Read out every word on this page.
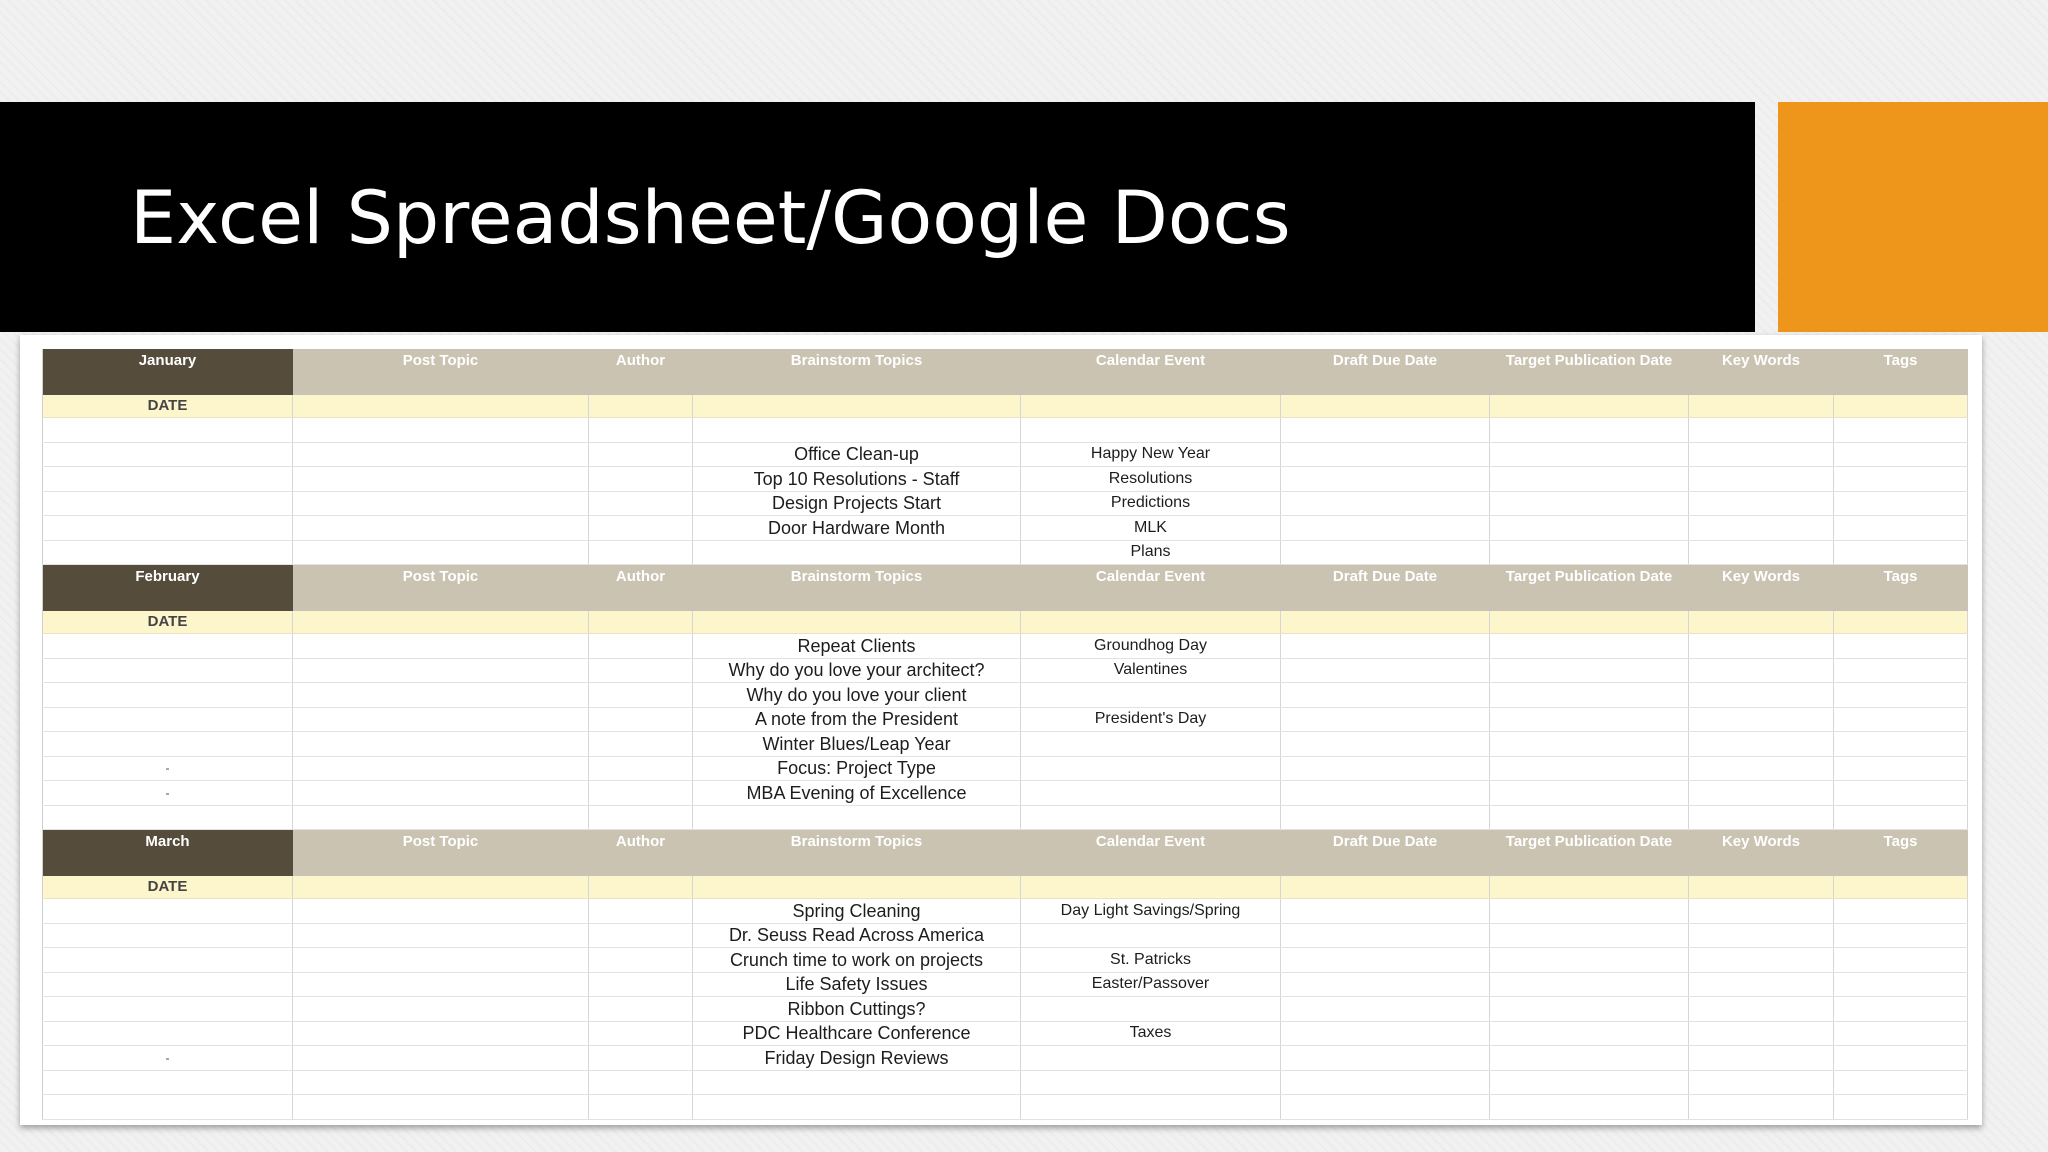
Excel Spreadsheet/Google Docs
January	Post Topic	Author	Brainstorm Topics	Calendar Event	Draft Due Date	Target Publication Date	Key Words	Tags
DATE								

			Office Clean-up	Happy New Year				
			Top 10 Resolutions - Staff	Resolutions				
			Design Projects Start	Predictions				
			Door Hardware Month	MLK				
				Plans				
February	Post Topic	Author	Brainstorm Topics	Calendar Event	Draft Due Date	Target Publication Date	Key Words	Tags
DATE								
			Repeat Clients	Groundhog Day				
			Why do you love your architect?	Valentines				
			Why do you love your client					
			A note from the President	President's Day				
			Winter Blues/Leap Year					
-			Focus: Project Type					
-			MBA Evening of Excellence					

March	Post Topic	Author	Brainstorm Topics	Calendar Event	Draft Due Date	Target Publication Date	Key Words	Tags
DATE								
			Spring Cleaning	Day Light Savings/Spring				
			Dr. Seuss Read Across America					
			Crunch time to work on projects	St. Patricks				
			Life Safety Issues	Easter/Passover				
			Ribbon Cuttings?					
			PDC Healthcare Conference	Taxes				
-			Friday Design Reviews					
